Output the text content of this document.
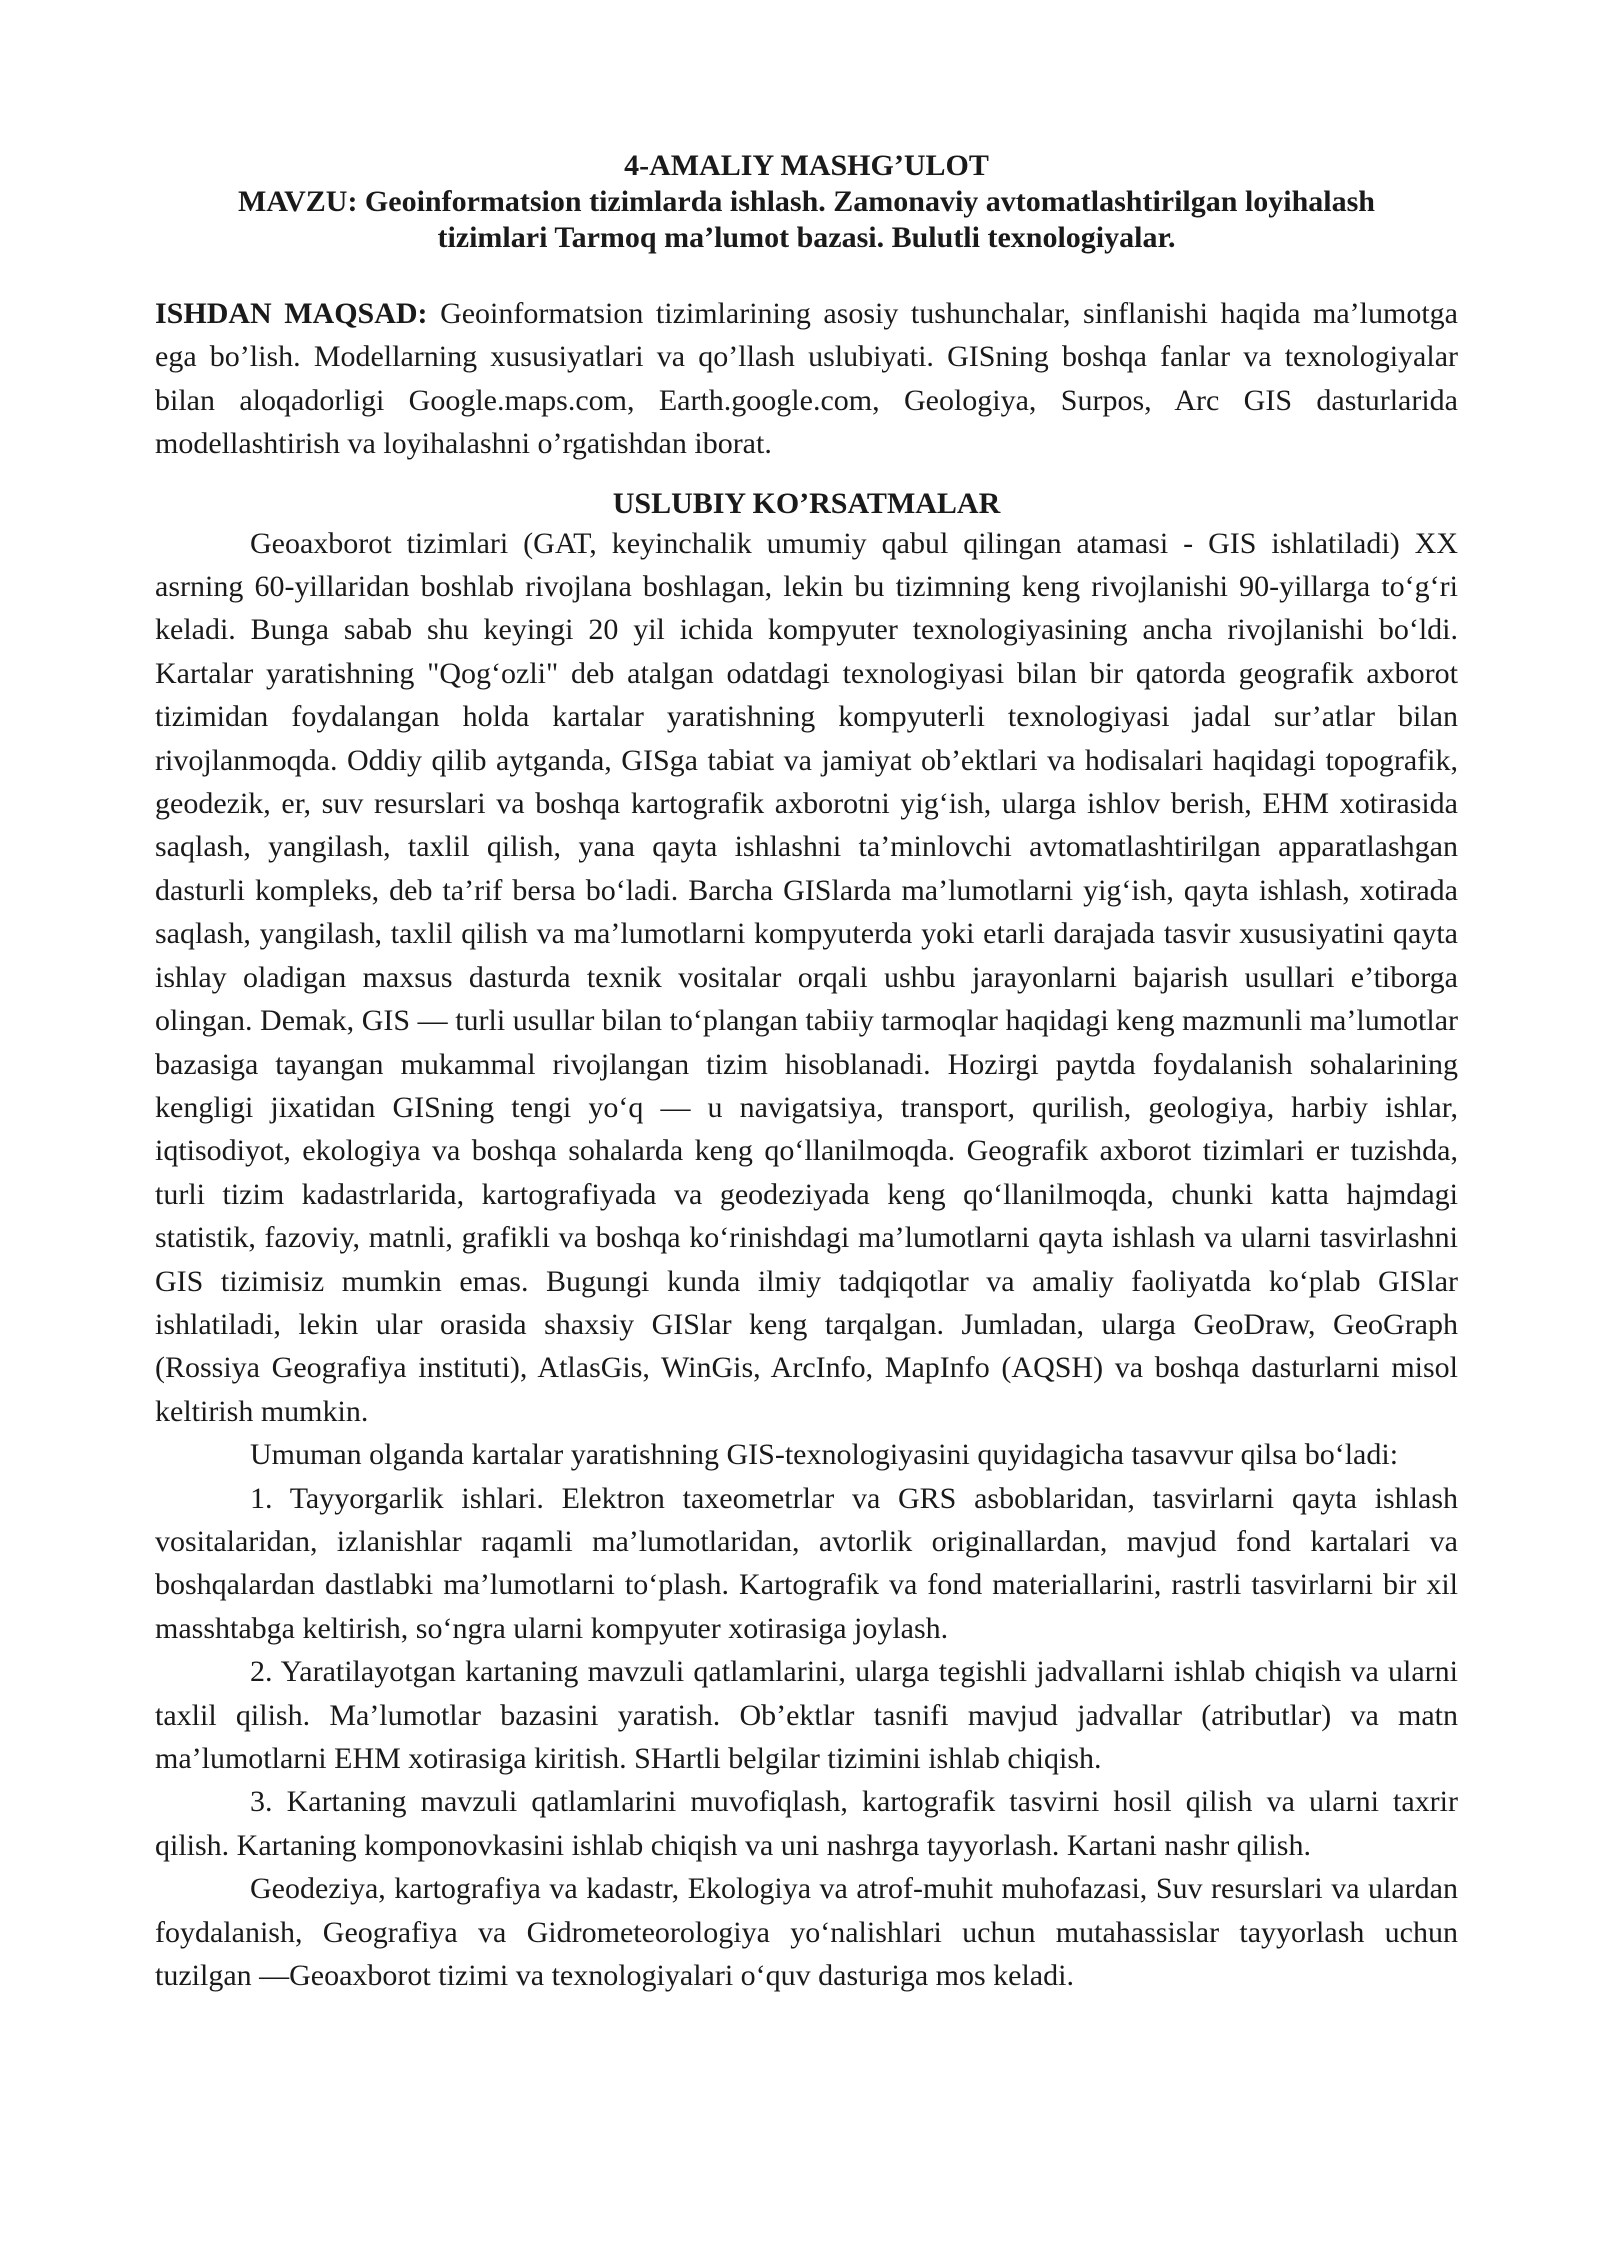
4-AMALIY MASHG’ULOT
MAVZU: Geoinformatsion tizimlarda ishlash. Zamonaviy avtomatlashtirilgan loyihalash
tizimlari Tarmoq ma’lumot bazasi. Bulutli texnologiyalar.
ISHDAN MAQSAD: Geoinformatsion tizimlarining asosiy tushunchalar, sinflanishi haqida ma’lumotga ega bo’lish. Modellarning xususiyatlari va qo’llash uslubiyati. GISning boshqa fanlar va texnologiyalar bilan aloqadorligi Google.maps.com, Earth.google.com, Geologiya, Surpos, Arc GIS dasturlarida modellashtirish va loyihalashni o’rgatishdan iborat.
USLUBIY KO’RSATMALAR

Geoaxborot tizimlari (GAT, keyinchalik umumiy qabul qilingan atamasi - GIS ishlatiladi) XX asrning 60-yillaridan boshlab rivojlana boshlagan, lekin bu tizimning keng rivojlanishi 90-yillarga to‘g‘ri keladi. Bunga sabab shu keyingi 20 yil ichida kompyuter texnologiyasining ancha rivojlanishi bo‘ldi. Kartalar yaratishning "Qog‘ozli" deb atalgan odatdagi texnologiyasi bilan bir qatorda geografik axborot tizimidan foydalangan holda kartalar yaratishning kompyuterli texnologiyasi jadal sur’atlar bilan rivojlanmoqda. Oddiy qilib aytganda, GISga tabiat va jamiyat ob’ektlari va hodisalari haqidagi topografik, geodezik, er, suv resurslari va boshqa kartografik axborotni yig‘ish, ularga ishlov berish, EHM xotirasida saqlash, yangilash, taxlil qilish, yana qayta ishlashni ta’minlovchi avtomatlashtirilgan apparatlashgan dasturli kompleks, deb ta’rif bersa bo‘ladi. Barcha GISlarda ma’lumotlarni yig‘ish, qayta ishlash, xotirada saqlash, yangilash, taxlil qilish va ma’lumotlarni kompyuterda yoki etarli darajada tasvir xususiyatini qayta ishlay oladigan maxsus dasturda texnik vositalar orqali ushbu jarayonlarni bajarish usullari e’tiborga olingan. Demak, GIS — turli usullar bilan to‘plangan tabiiy tarmoqlar haqidagi keng mazmunli ma’lumotlar bazasiga tayangan mukammal rivojlangan tizim hisoblanadi. Hozirgi paytda foydalanish sohalarining kengligi jixatidan GISning tengi yo‘q — u navigatsiya, transport, qurilish, geologiya, harbiy ishlar, iqtisodiyot, ekologiya va boshqa sohalarda keng qo‘llanilmoqda. Geografik axborot tizimlari er tuzishda, turli tizim kadastrlarida, kartografiyada va geodeziyada keng qo‘llanilmoqda, chunki katta hajmdagi statistik, fazoviy, matnli, grafikli va boshqa ko‘rinishdagi ma’lumotlarni qayta ishlash va ularni tasvirlashni GIS tizimisiz mumkin emas. Bugungi kunda ilmiy tadqiqotlar va amaliy faoliyatda ko‘plab GISlar ishlatiladi, lekin ular orasida shaxsiy GISlar keng tarqalgan. Jumladan, ularga GeoDraw, GeoGraph (Rossiya Geografiya instituti), AtlasGis, WinGis, ArcInfo, MapInfo (AQSH) va boshqa dasturlarni misol keltirish mumkin.

Umuman olganda kartalar yaratishning GIS-texnologiyasini quyidagicha tasavvur qilsa bo‘ladi:

1. Tayyorgarlik ishlari. Elektron taxeometrlar va GRS asboblaridan, tasvirlarni qayta ishlash vositalaridan, izlanishlar raqamli ma’lumotlaridan, avtorlik originallardan, mavjud fond kartalari va boshqalardan dastlabki ma’lumotlarni to‘plash. Kartografik va fond materiallarini, rastrli tasvirlarni bir xil masshtabga keltirish, so‘ngra ularni kompyuter xotirasiga joylash.

2. Yaratilayotgan kartaning mavzuli qatlamlarini, ularga tegishli jadvallarni ishlab chiqish va ularni taxlil qilish. Ma’lumotlar bazasini yaratish. Ob’ektlar tasnifi mavjud jadvallar (atributlar) va matn ma’lumotlarni EHM xotirasiga kiritish. SHartli belgilar tizimini ishlab chiqish.

3. Kartaning mavzuli qatlamlarini muvofiqlash, kartografik tasvirni hosil qilish va ularni taxrir qilish. Kartaning komponovkasini ishlab chiqish va uni nashrga tayyorlash. Kartani nashr qilish.

Geodeziya, kartografiya va kadastr, Ekologiya va atrof-muhit muhofazasi, Suv resurslari va ulardan foydalanish, Geografiya va Gidrometeorologiya yo‘nalishlari uchun mutahassislar tayyorlash uchun tuzilgan ―Geoaxborot tizimi va texnologiyalari o‘quv dasturiga mos keladi.
